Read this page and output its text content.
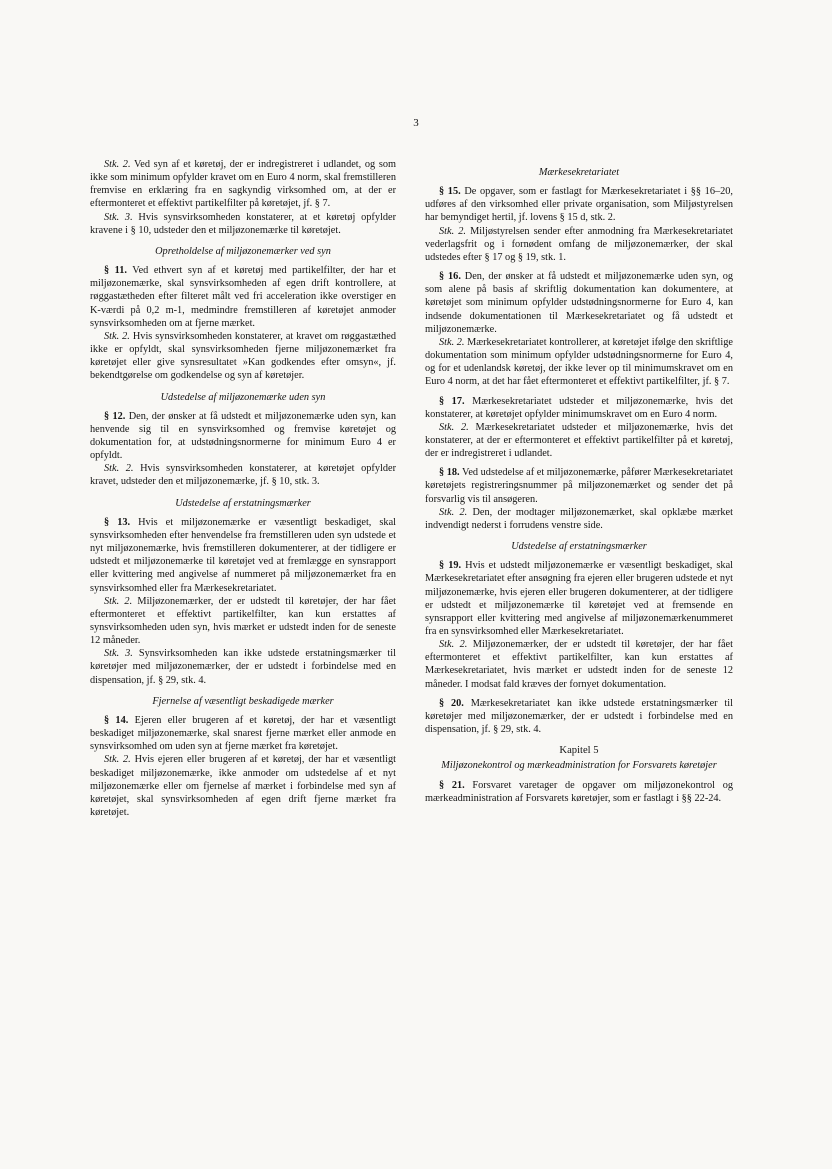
3

Stk. 2. Ved syn af et køretøj, der er indregistreret i udlandet, og som ikke som minimum opfylder kravet om en Euro 4 norm, skal fremstilleren fremvise en erklæring fra en sagkyndig virksomhed om, at der er eftermonteret et effektivt partikelfilter på køretøjet, jf. § 7.

Stk. 3. Hvis synsvirksomheden konstaterer, at et køretøj opfylder kravene i § 10, udsteder den et miljøzonemærke til køretøjet.

Opretholdelse af miljøzonemærker ved syn

§ 11. Ved ethvert syn af et køretøj med partikelfilter, der har et miljøzonemærke, skal synsvirksomheden af egen drift kontrollere, at røggastætheden efter filteret målt ved fri acceleration ikke overstiger en K-værdi på 0,2 m-1, medmindre fremstilleren af køretøjet anmoder synsvirksomheden om at fjerne mærket.

Stk. 2. Hvis synsvirksomheden konstaterer, at kravet om røggastæthed ikke er opfyldt, skal synsvirksomheden fjerne miljøzonemærket fra køretøjet eller give synsresultatet »Kan godkendes efter omsyn«, jf. bekendtgørelse om godkendelse og syn af køretøjer.

Udstedelse af miljøzonemærke uden syn

§ 12. Den, der ønsker at få udstedt et miljøzonemærke uden syn, kan henvende sig til en synsvirksomhed og fremvise køretøjet og dokumentation for, at udstødningsnormerne for minimum Euro 4 er opfyldt.

Stk. 2. Hvis synsvirksomheden konstaterer, at køretøjet opfylder kravet, udsteder den et miljøzonemærke, jf. § 10, stk. 3.

Udstedelse af erstatningsmærker

§ 13. Hvis et miljøzonemærke er væsentligt beskadiget, skal synsvirksomheden efter henvendelse fra fremstilleren uden syn udstede et nyt miljøzonemærke, hvis fremstilleren dokumenterer, at der tidligere er udstedt et miljøzonemærke til køretøjet ved at fremlægge en synsrapport eller kvittering med angivelse af nummeret på miljøzonemærket fra en synsvirksomhed eller fra Mærkesekretariatet.

Stk. 2. Miljøzonemærker, der er udstedt til køretøjer, der har fået eftermonteret et effektivt partikelfilter, kan kun erstattes af synsvirksomheden uden syn, hvis mærket er udstedt inden for de seneste 12 måneder.

Stk. 3. Synsvirksomheden kan ikke udstede erstatningsmærker til køretøjer med miljøzonemærker, der er udstedt i forbindelse med en dispensation, jf. § 29, stk. 4.

Fjernelse af væsentligt beskadigede mærker

§ 14. Ejeren eller brugeren af et køretøj, der har et væsentligt beskadiget miljøzonemærke, skal snarest fjerne mærket eller anmode en synsvirksomhed om uden syn at fjerne mærket fra køretøjet.

Stk. 2. Hvis ejeren eller brugeren af et køretøj, der har et væsentligt beskadiget miljøzonemærke, ikke anmoder om udstedelse af et nyt miljøzonemærke eller om fjernelse af mærket i forbindelse med syn af køretøjet, skal synsvirksomheden af egen drift fjerne mærket fra køretøjet.

Mærkesekretariatet

§ 15. De opgaver, som er fastlagt for Mærkesekretariatet i §§ 16–20, udføres af den virksomhed eller private organisation, som Miljøstyrelsen har bemyndiget hertil, jf. lovens § 15 d, stk. 2.

Stk. 2. Miljøstyrelsen sender efter anmodning fra Mærkesekretariatet vederlagsfrit og i fornødent omfang de miljøzonemærker, der skal udstedes efter § 17 og § 19, stk. 1.

§ 16. Den, der ønsker at få udstedt et miljøzonemærke uden syn, og som alene på basis af skriftlig dokumentation kan dokumentere, at køretøjet som minimum opfylder udstødningsnormerne for Euro 4, kan indsende dokumentationen til Mærkesekretariatet og få udstedt et miljøzonemærke.

Stk. 2. Mærkesekretariatet kontrollerer, at køretøjet ifølge den skriftlige dokumentation som minimum opfylder udstødningsnormerne for Euro 4, og for et udenlandsk køretøj, der ikke lever op til minimumskravet om en Euro 4 norm, at det har fået eftermonteret et effektivt partikelfilter, jf. § 7.

§ 17. Mærkesekretariatet udsteder et miljøzonemærke, hvis det konstaterer, at køretøjet opfylder minimumskravet om en Euro 4 norm.

Stk. 2. Mærkesekretariatet udsteder et miljøzonemærke, hvis det konstaterer, at der er eftermonteret et effektivt partikelfilter på et køretøj, der er indregistreret i udlandet.

§ 18. Ved udstedelse af et miljøzonemærke, påfører Mærkesekretariatet køretøjets registreringsnummer på miljøzonemærket og sender det på forsvarlig vis til ansøgeren.

Stk. 2. Den, der modtager miljøzonemærket, skal opklæbe mærket indvendigt nederst i forrudens venstre side.

Udstedelse af erstatningsmærker

§ 19. Hvis et udstedt miljøzonemærke er væsentligt beskadiget, skal Mærkesekretariatet efter ansøgning fra ejeren eller brugeren udstede et nyt miljøzonemærke, hvis ejeren eller brugeren dokumenterer, at der tidligere er udstedt et miljøzonemærke til køretøjet ved at fremsende en synsrapport eller kvittering med angivelse af miljøzonemærkenummeret fra en synsvirksomhed eller Mærkesekretariatet.

Stk. 2. Miljøzonemærker, der er udstedt til køretøjer, der har fået eftermonteret et effektivt partikelfilter, kan kun erstattes af Mærkesekretariatet, hvis mærket er udstedt inden for de seneste 12 måneder. I modsat fald kræves der fornyet dokumentation.

§ 20. Mærkesekretariatet kan ikke udstede erstatningsmærker til køretøjer med miljøzonemærker, der er udstedt i forbindelse med en dispensation, jf. § 29, stk. 4.

Kapitel 5
Miljøzonekontrol og mærkeadministration for Forsvarets køretøjer

§ 21. Forsvaret varetager de opgaver om miljøzonekontrol og mærkeadministration af Forsvarets køretøjer, som er fastlagt i §§ 22-24.
